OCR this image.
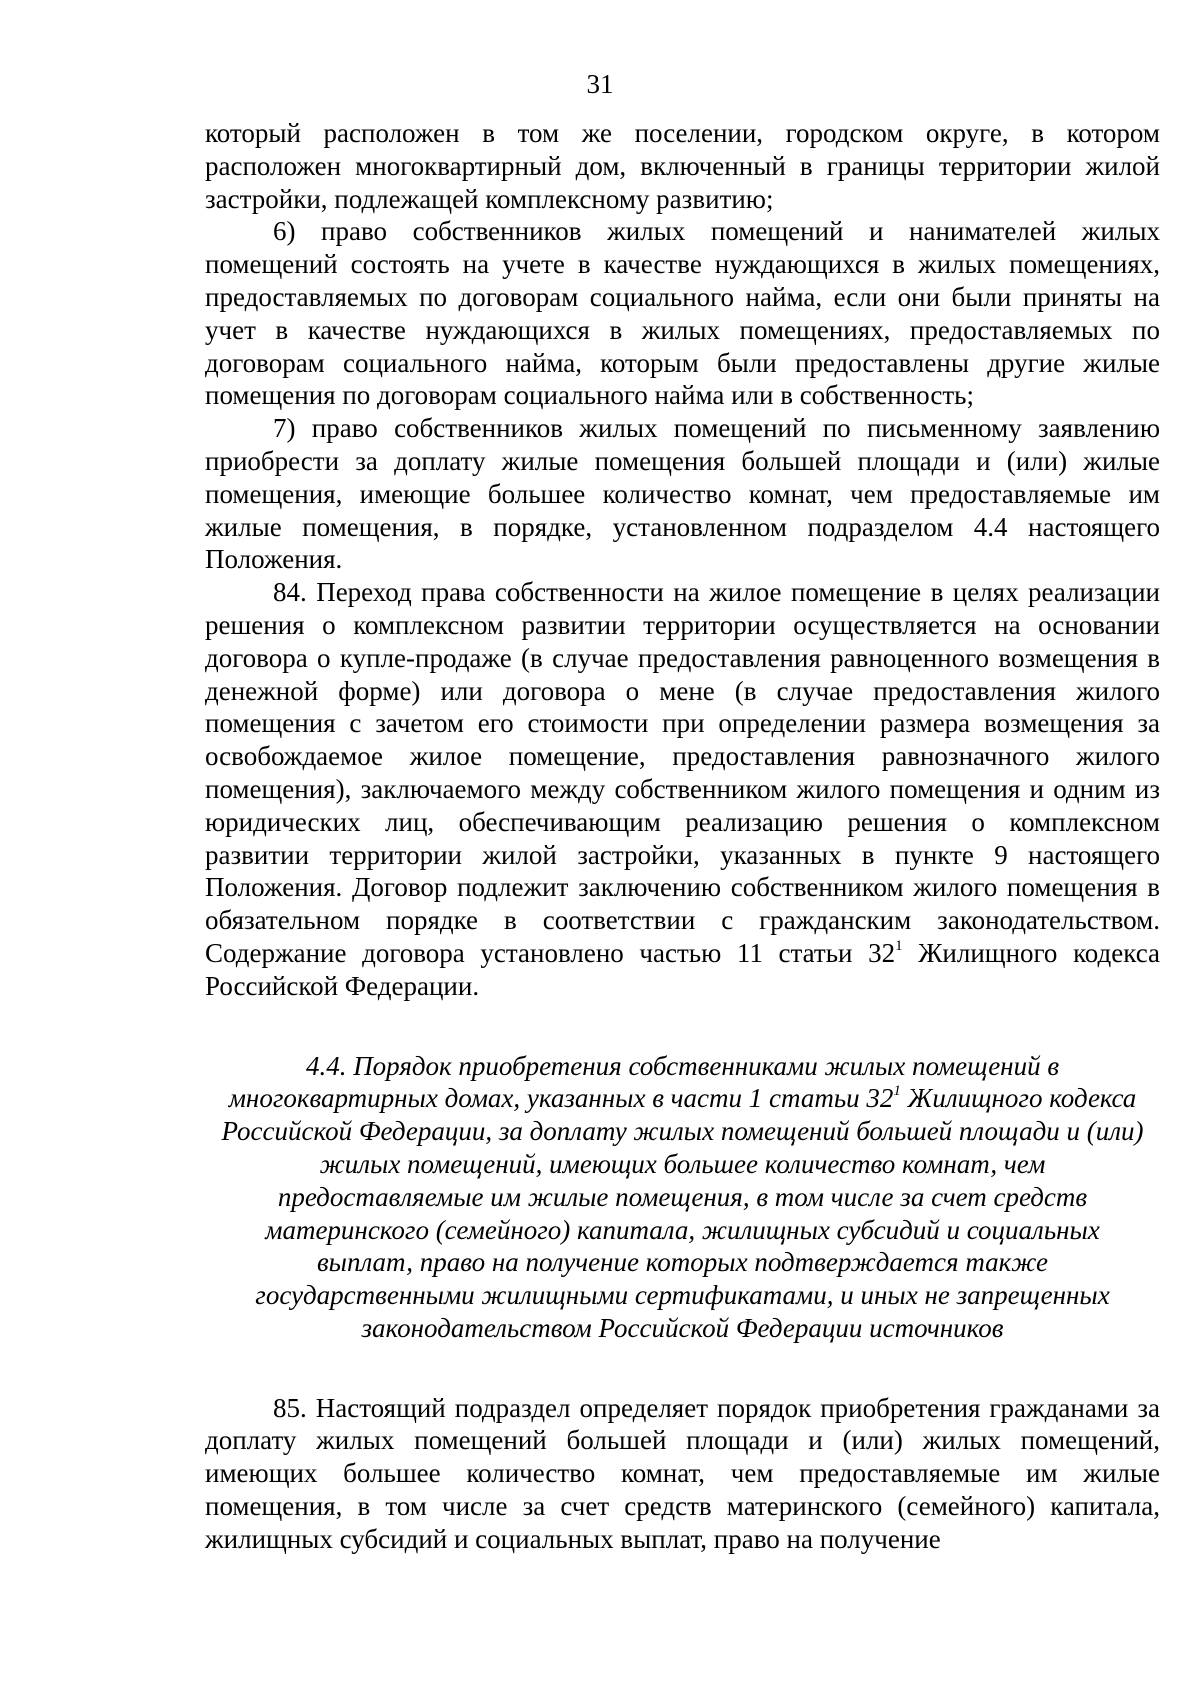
31

который расположен в том же поселении, городском округе, в котором расположен многоквартирный дом, включенный в границы территории жилой застройки, подлежащей комплексному развитию;

6) право собственников жилых помещений и нанимателей жилых помещений состоять на учете в качестве нуждающихся в жилых помещениях, предоставляемых по договорам социального найма, если они были приняты на учет в качестве нуждающихся в жилых помещениях, предоставляемых по договорам социального найма, которым были предоставлены другие жилые помещения по договорам социального найма или в собственность;

7) право собственников жилых помещений по письменному заявлению приобрести за доплату жилые помещения большей площади и (или) жилые помещения, имеющие большее количество комнат, чем предоставляемые им жилые помещения, в порядке, установленном подразделом 4.4 настоящего Положения.

84. Переход права собственности на жилое помещение в целях реализации решения о комплексном развитии территории осуществляется на основании договора о купле-продаже (в случае предоставления равноценного возмещения в денежной форме) или договора о мене (в случае предоставления жилого помещения с зачетом его стоимости при определении размера возмещения за освобождаемое жилое помещение, предоставления равнозначного жилого помещения), заключаемого между собственником жилого помещения и одним из юридических лиц, обеспечивающим реализацию решения о комплексном развитии территории жилой застройки, указанных в пункте 9 настоящего Положения. Договор подлежит заключению собственником жилого помещения в обязательном порядке в соответствии с гражданским законодательством. Содержание договора установлено частью 11 статьи $32^1$ Жилищного кодекса Российской Федерации.

4.4. Порядок приобретения собственниками жилых помещений в многоквартирных домах, указанных в части 1 статьи $32^1$ Жилищного кодекса Российской Федерации, за доплату жилых помещений большей площади и (или) жилых помещений, имеющих большее количество комнат, чем предоставляемые им жилые помещения, в том числе за счет средств материнского (семейного) капитала, жилищных субсидий и социальных выплат, право на получение которых подтверждается также государственными жилищными сертификатами, и иных не запрещенных законодательством Российской Федерации источников

85. Настоящий подраздел определяет порядок приобретения гражданами за доплату жилых помещений большей площади и (или) жилых помещений, имеющих большее количество комнат, чем предоставляемые им жилые помещения, в том числе за счет средств материнского (семейного) капитала, жилищных субсидий и социальных выплат, право на получение
